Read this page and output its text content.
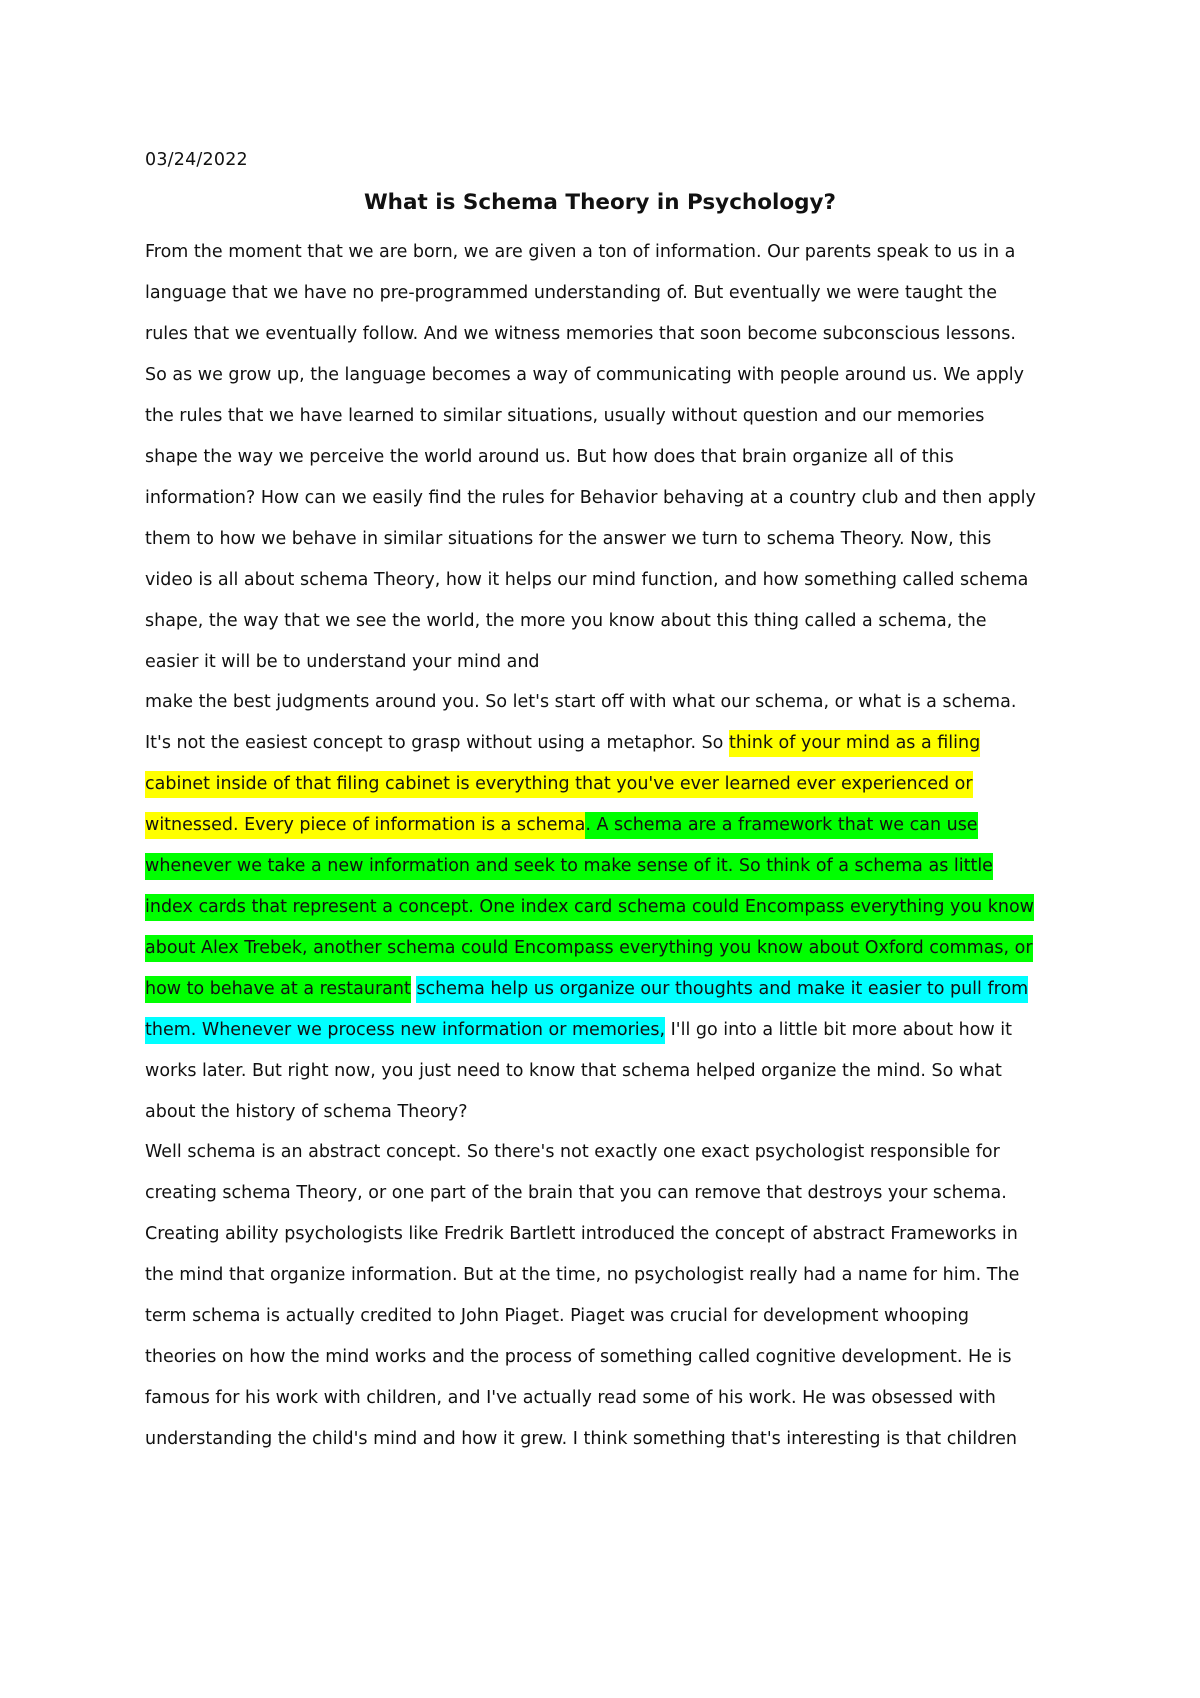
03/24/2022
What is Schema Theory in Psychology?
From the moment that we are born, we are given a ton of information. Our parents speak to us in a
language that we have no pre-programmed understanding of. But eventually we were taught the
rules that we eventually follow. And we witness memories that soon become subconscious lessons.
So as we grow up, the language becomes a way of communicating with people around us. We apply
the rules that we have learned to similar situations, usually without question and our memories
shape the way we perceive the world around us. But how does that brain organize all of this
information? How can we easily find the rules for Behavior behaving at a country club and then apply
them to how we behave in similar situations for the answer we turn to schema Theory. Now, this
video is all about schema Theory, how it helps our mind function, and how something called schema
shape, the way that we see the world, the more you know about this thing called a schema, the
easier it will be to understand your mind and
make the best judgments around you. So let's start off with what our schema, or what is a schema.
It's not the easiest concept to grasp without using a metaphor. So think of your mind as a filing
cabinet inside of that filing cabinet is everything that you've ever learned ever experienced or
witnessed. Every piece of information is a schema. A schema are a framework that we can use
whenever we take a new information and seek to make sense of it. So think of a schema as little
index cards that represent a concept. One index card schema could Encompass everything you know
about Alex Trebek, another schema could Encompass everything you know about Oxford commas, or
how to behave at a restaurant schema help us organize our thoughts and make it easier to pull from
them. Whenever we process new information or memories, I'll go into a little bit more about how it
works later. But right now, you just need to know that schema helped organize the mind. So what
about the history of schema Theory?
Well schema is an abstract concept. So there's not exactly one exact psychologist responsible for
creating schema Theory, or one part of the brain that you can remove that destroys your schema.
Creating ability psychologists like Fredrik Bartlett introduced the concept of abstract Frameworks in
the mind that organize information. But at the time, no psychologist really had a name for him. The
term schema is actually credited to John Piaget. Piaget was crucial for development whooping
theories on how the mind works and the process of something called cognitive development. He is
famous for his work with children, and I've actually read some of his work. He was obsessed with
understanding the child's mind and how it grew. I think something that's interesting is that children
